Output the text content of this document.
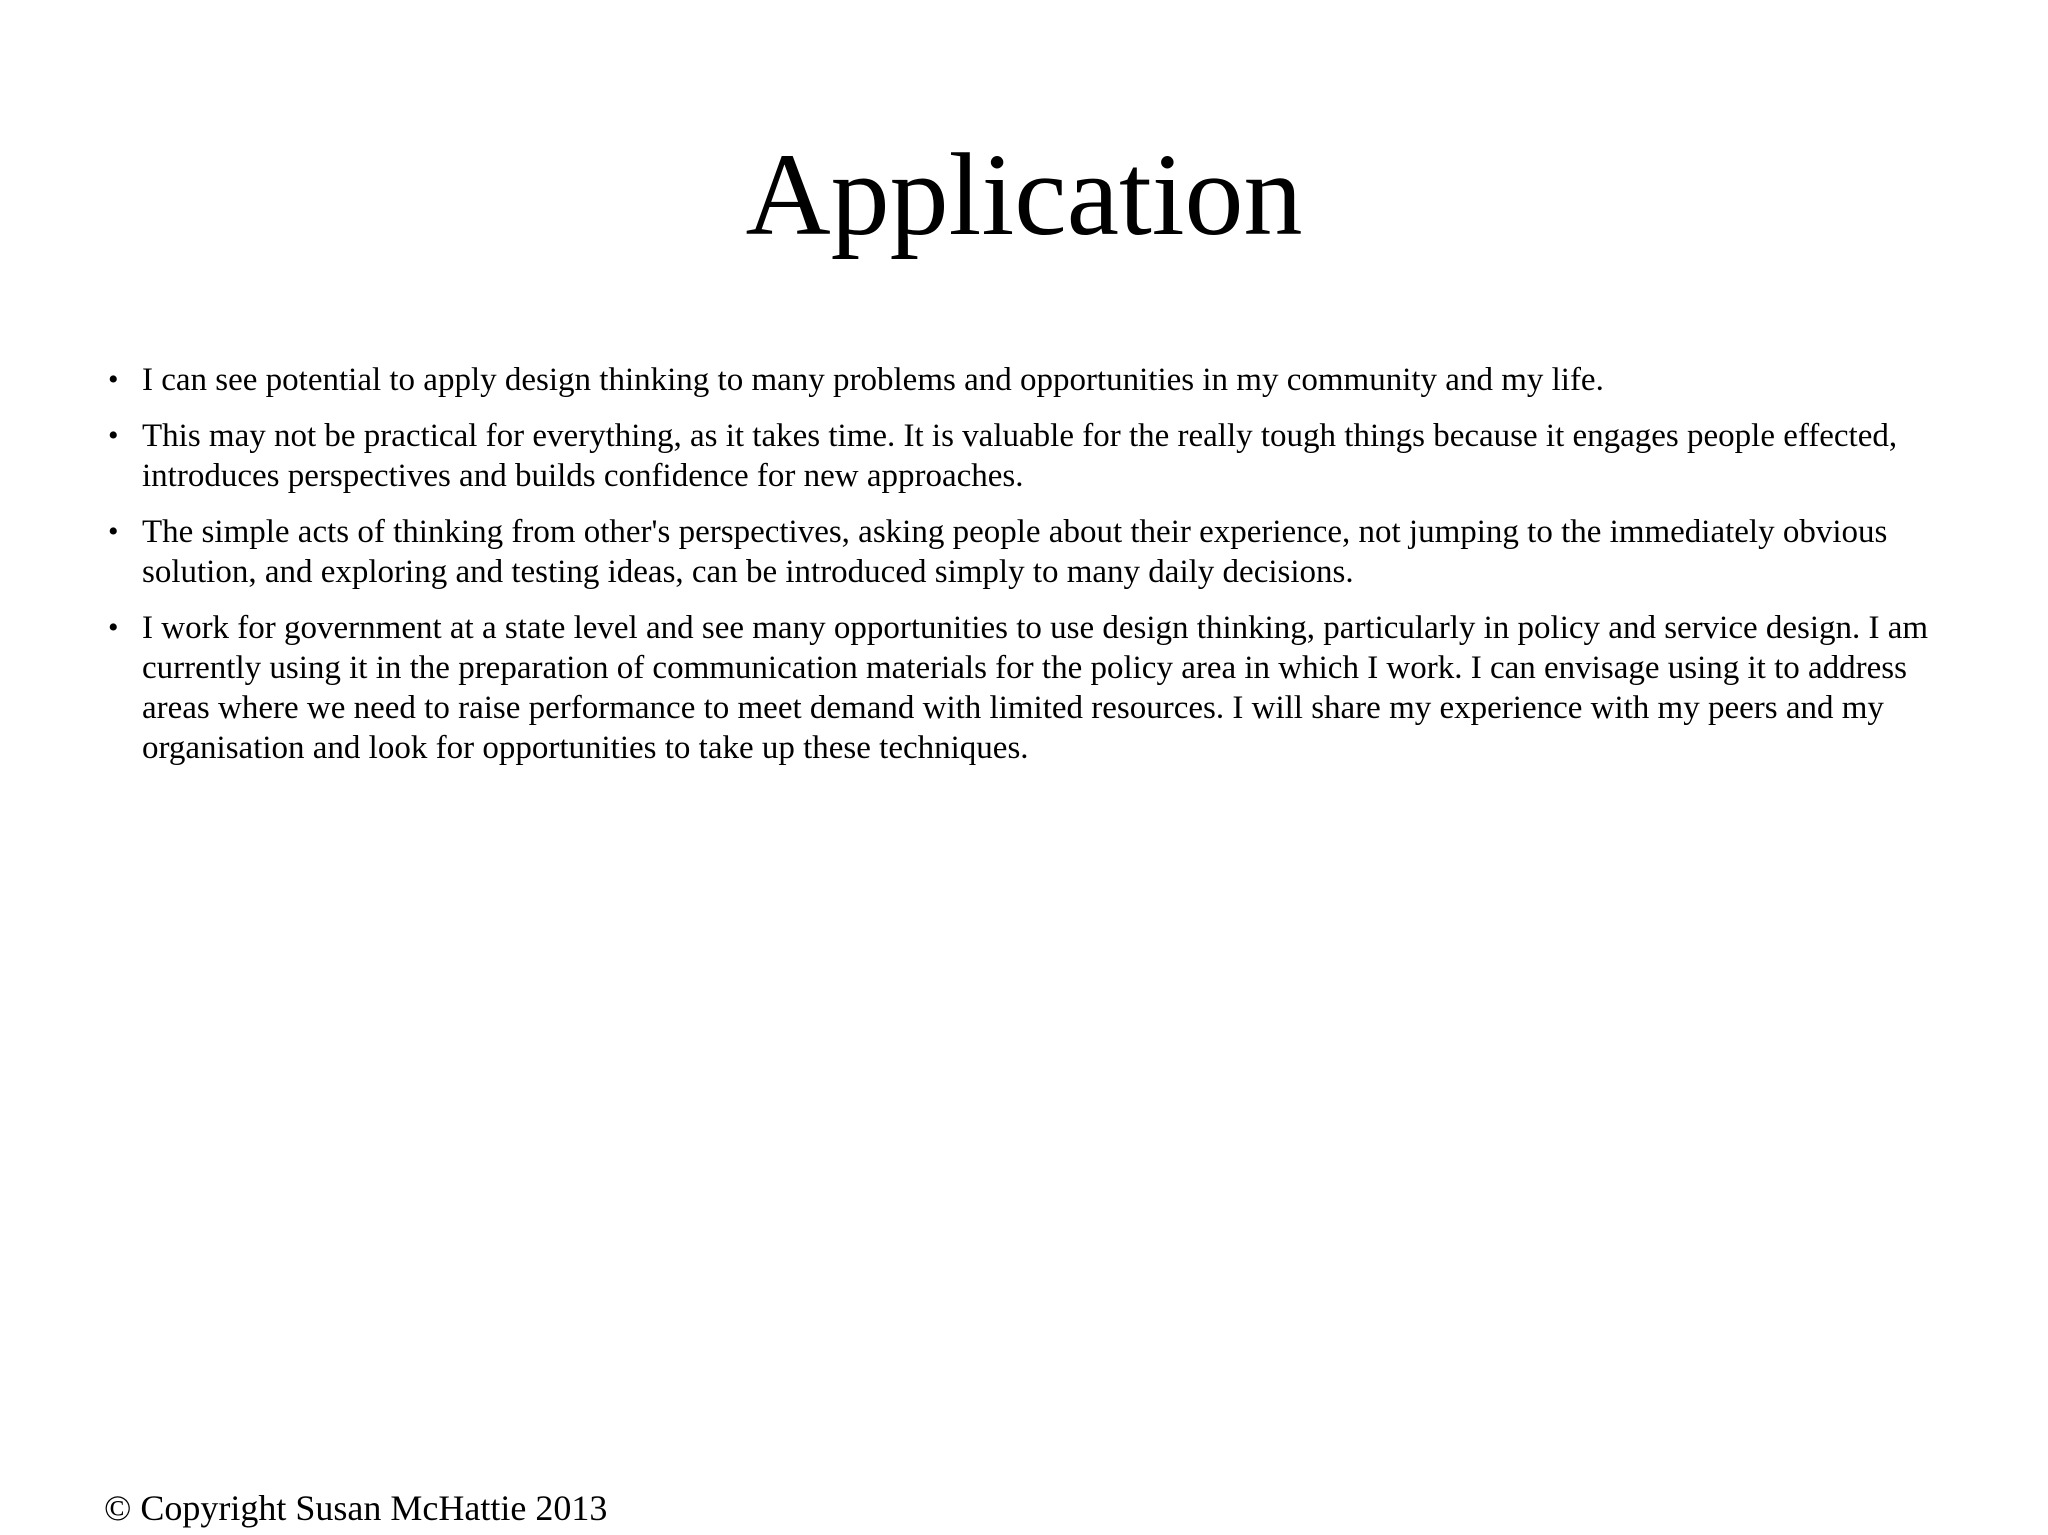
Application
• I can see potential to apply design thinking to many problems and opportunities in my community and my life.
• This may not be practical for everything, as it takes time. It is valuable for the really tough things because it engages people effected, introduces perspectives and builds confidence for new approaches.
• The simple acts of thinking from other's perspectives, asking people about their experience, not jumping to the immediately obvious solution, and exploring and testing ideas, can be introduced simply to many daily decisions.
• I work for government at a state level and see many opportunities to use design thinking, particularly in policy and service design. I am currently using it in the preparation of communication materials for the policy area in which I work. I can envisage using it to address areas where we need to raise performance to meet demand with limited resources. I will share my experience with my peers and my organisation and look for opportunities to take up these techniques.
© Copyright Susan McHattie 2013
